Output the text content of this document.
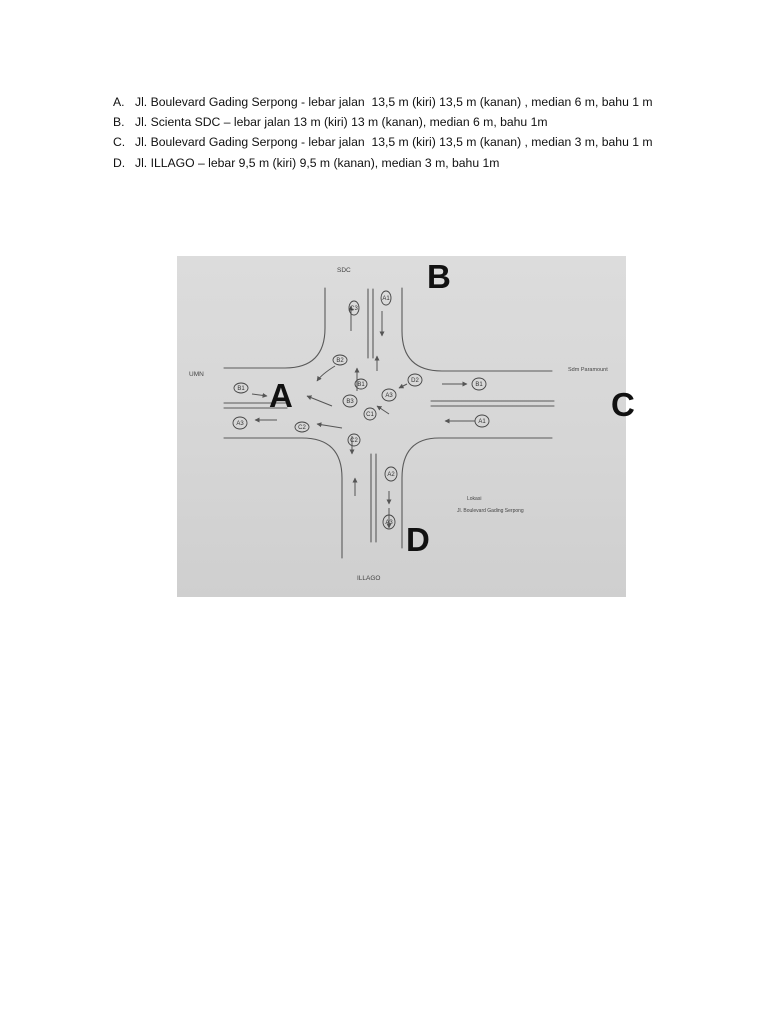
A. Jl. Boulevard Gading Serpong - lebar jalan  13,5 m (kiri) 13,5 m (kanan) , median 6 m, bahu 1 m
B. Jl. Scienta SDC – lebar jalan 13 m (kiri) 13 m (kanan), median 6 m, bahu 1m
C. Jl. Boulevard Gading Serpong - lebar jalan  13,5 m (kiri) 13,5 m (kanan) , median 3 m, bahu 1 m
D. Jl. ILLAGO – lebar 9,5 m (kiri) 9,5 m (kanan), median 3 m, bahu 1m
C3
A1
B2
B1
A3
C2
B3
B1
A3
C1
C2
D2
B1
A1
A2
A3
SDC
UMN
Sdm Paramount
ILLAGO
Lokasi
Jl. Boulevard Gading Serpong
B
A	C
D
